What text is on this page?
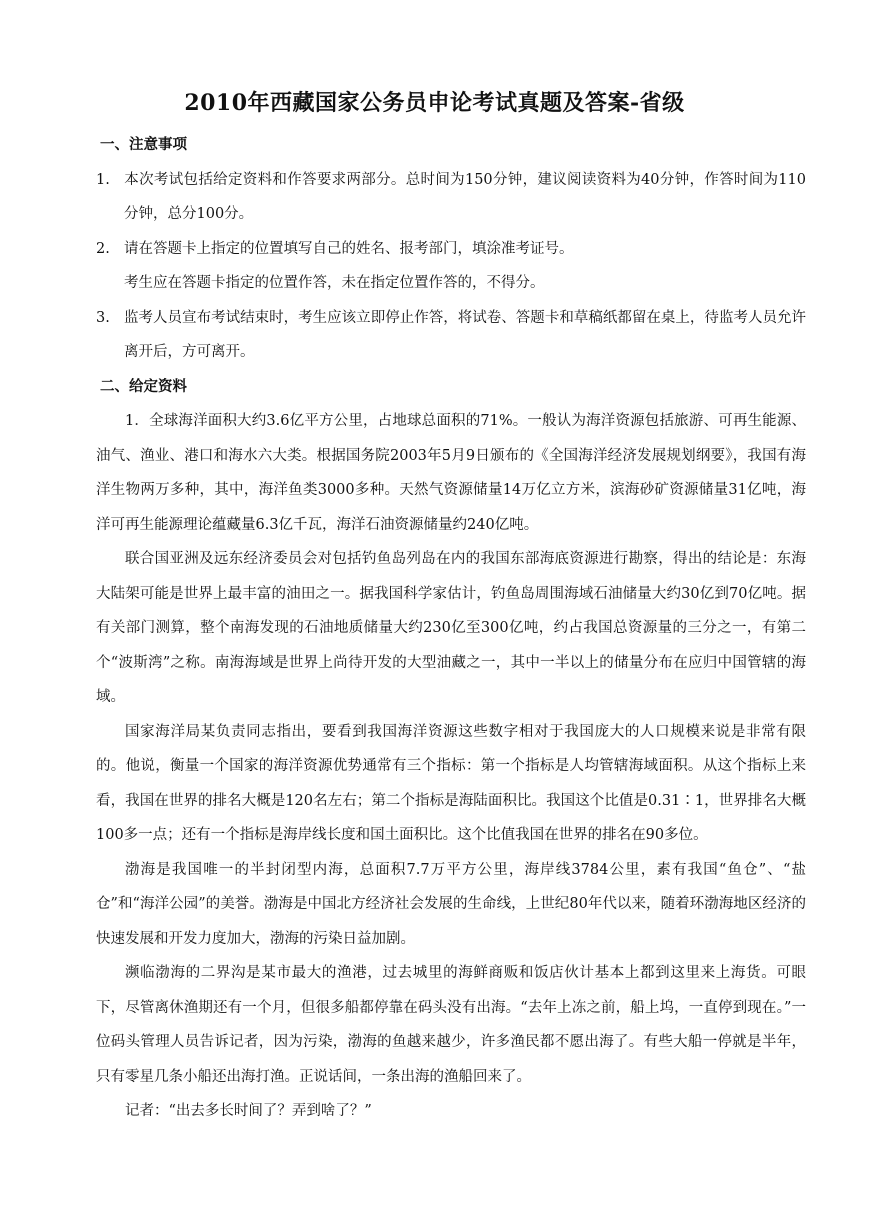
2010年西藏国家公务员申论考试真题及答案-省级

一、注意事项

1. 本次考试包括给定资料和作答要求两部分。总时间为150分钟，建议阅读资料为40分钟，作答时间为110分钟，总分100分。

2. 请在答题卡上指定的位置填写自己的姓名、报考部门，填涂准考证号。

考生应在答题卡指定的位置作答，未在指定位置作答的，不得分。

3. 监考人员宣布考试结束时，考生应该立即停止作答，将试卷、答题卡和草稿纸都留在桌上，待监考人员允许离开后，方可离开。

二、给定资料

1．全球海洋面积大约3.6亿平方公里，占地球总面积的71%。一般认为海洋资源包括旅游、可再生能源、油气、渔业、港口和海水六大类。根据国务院2003年5月9日颁布的《全国海洋经济发展规划纲要》，我国有海洋生物两万多种，其中，海洋鱼类3000多种。天然气资源储量14万亿立方米，滨海砂矿资源储量31亿吨，海洋可再生能源理论蕴藏量6.3亿千瓦，海洋石油资源储量约240亿吨。

联合国亚洲及远东经济委员会对包括钓鱼岛列岛在内的我国东部海底资源进行勘察，得出的结论是：东海大陆架可能是世界上最丰富的油田之一。据我国科学家估计，钓鱼岛周围海域石油储量大约30亿到70亿吨。据有关部门测算，整个南海发现的石油地质储量大约230亿至300亿吨，约占我国总资源量的三分之一，有第二个“波斯湾”之称。南海海域是世界上尚待开发的大型油藏之一，其中一半以上的储量分布在应归中国管辖的海域。

国家海洋局某负责同志指出，要看到我国海洋资源这些数字相对于我国庞大的人口规模来说是非常有限的。他说，衡量一个国家的海洋资源优势通常有三个指标：第一个指标是人均管辖海域面积。从这个指标上来看，我国在世界的排名大概是120名左右；第二个指标是海陆面积比。我国这个比值是0.31∶1，世界排名大概100多一点；还有一个指标是海岸线长度和国土面积比。这个比值我国在世界的排名在90多位。

渤海是我国唯一的半封闭型内海，总面积7.7万平方公里，海岸线3784公里，素有我国“鱼仓”、“盐仓”和“海洋公园”的美誉。渤海是中国北方经济社会发展的生命线，上世纪80年代以来，随着环渤海地区经济的快速发展和开发力度加大，渤海的污染日益加剧。

濒临渤海的二界沟是某市最大的渔港，过去城里的海鲜商贩和饭店伙计基本上都到这里来上海货。可眼下，尽管离休渔期还有一个月，但很多船都停靠在码头没有出海。“去年上冻之前，船上坞，一直停到现在。”一位码头管理人员告诉记者，因为污染，渤海的鱼越来越少，许多渔民都不愿出海了。有些大船一停就是半年，只有零星几条小船还出海打渔。正说话间，一条出海的渔船回来了。

记者：“出去多长时间了？弄到啥了？”
